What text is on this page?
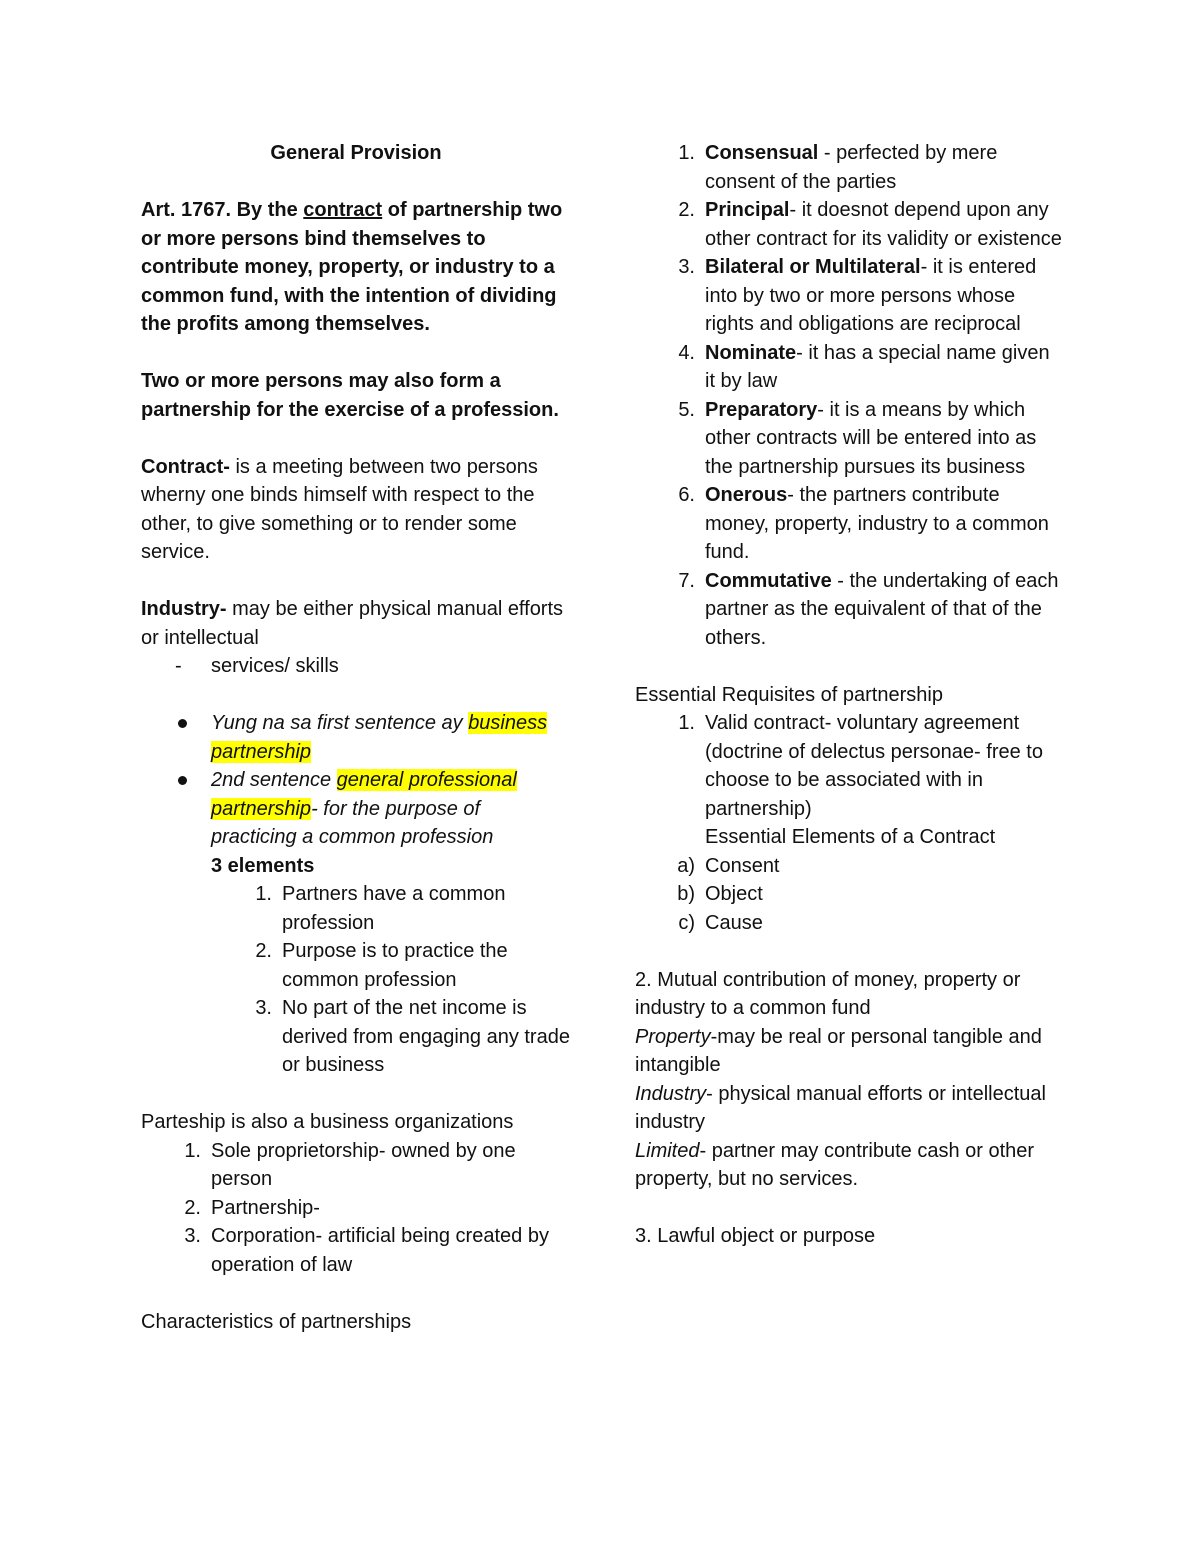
General Provision

Art. 1767. By the contract of partnership two or more persons bind themselves to contribute money, property, or industry to a common fund, with the intention of dividing the profits among themselves.

Two or more persons may also form a partnership for the exercise of a profession.

Contract- is a meeting between two persons wherny one binds himself with respect to the other, to give something or to render some service.

Industry- may be either physical manual efforts or intellectual

- services/ skills

Yung na sa first sentence ay business partnership

2nd sentence general professional partnership- for the purpose of practicing a common profession

3 elements

1. Partners have a common profession

2. Purpose is to practice the common profession

3. No part of the net income is derived from engaging any trade or business

Parteship is also a business organizations

1. Sole proprietorship- owned by one person

2. Partnership-

3. Corporation- artificial being created by operation of law

Characteristics of partnerships

1. Consensual - perfected by mere consent of the parties

2. Principal- it doesnot depend upon any other contract for its validity or existence

3. Bilateral or Multilateral- it is entered into by two or more persons whose rights and obligations are reciprocal

4. Nominate- it has a special name given it by law

5. Preparatory- it is a means by which other contracts will be entered into as the partnership pursues its business

6. Onerous- the partners contribute money, property, industry to a common fund.

7. Commutative - the undertaking of each partner as the equivalent of that of the others.

Essential Requisites of partnership

1. Valid contract- voluntary agreement (doctrine of delectus personae- free to choose to be associated with in partnership)

Essential Elements of a Contract

a) Consent

b) Object

c) Cause

2. Mutual contribution of money, property or industry to a common fund

Property-may be real or personal tangible and intangible

Industry- physical manual efforts or intellectual industry

Limited- partner may contribute cash or other property, but no services.

3. Lawful object or purpose
